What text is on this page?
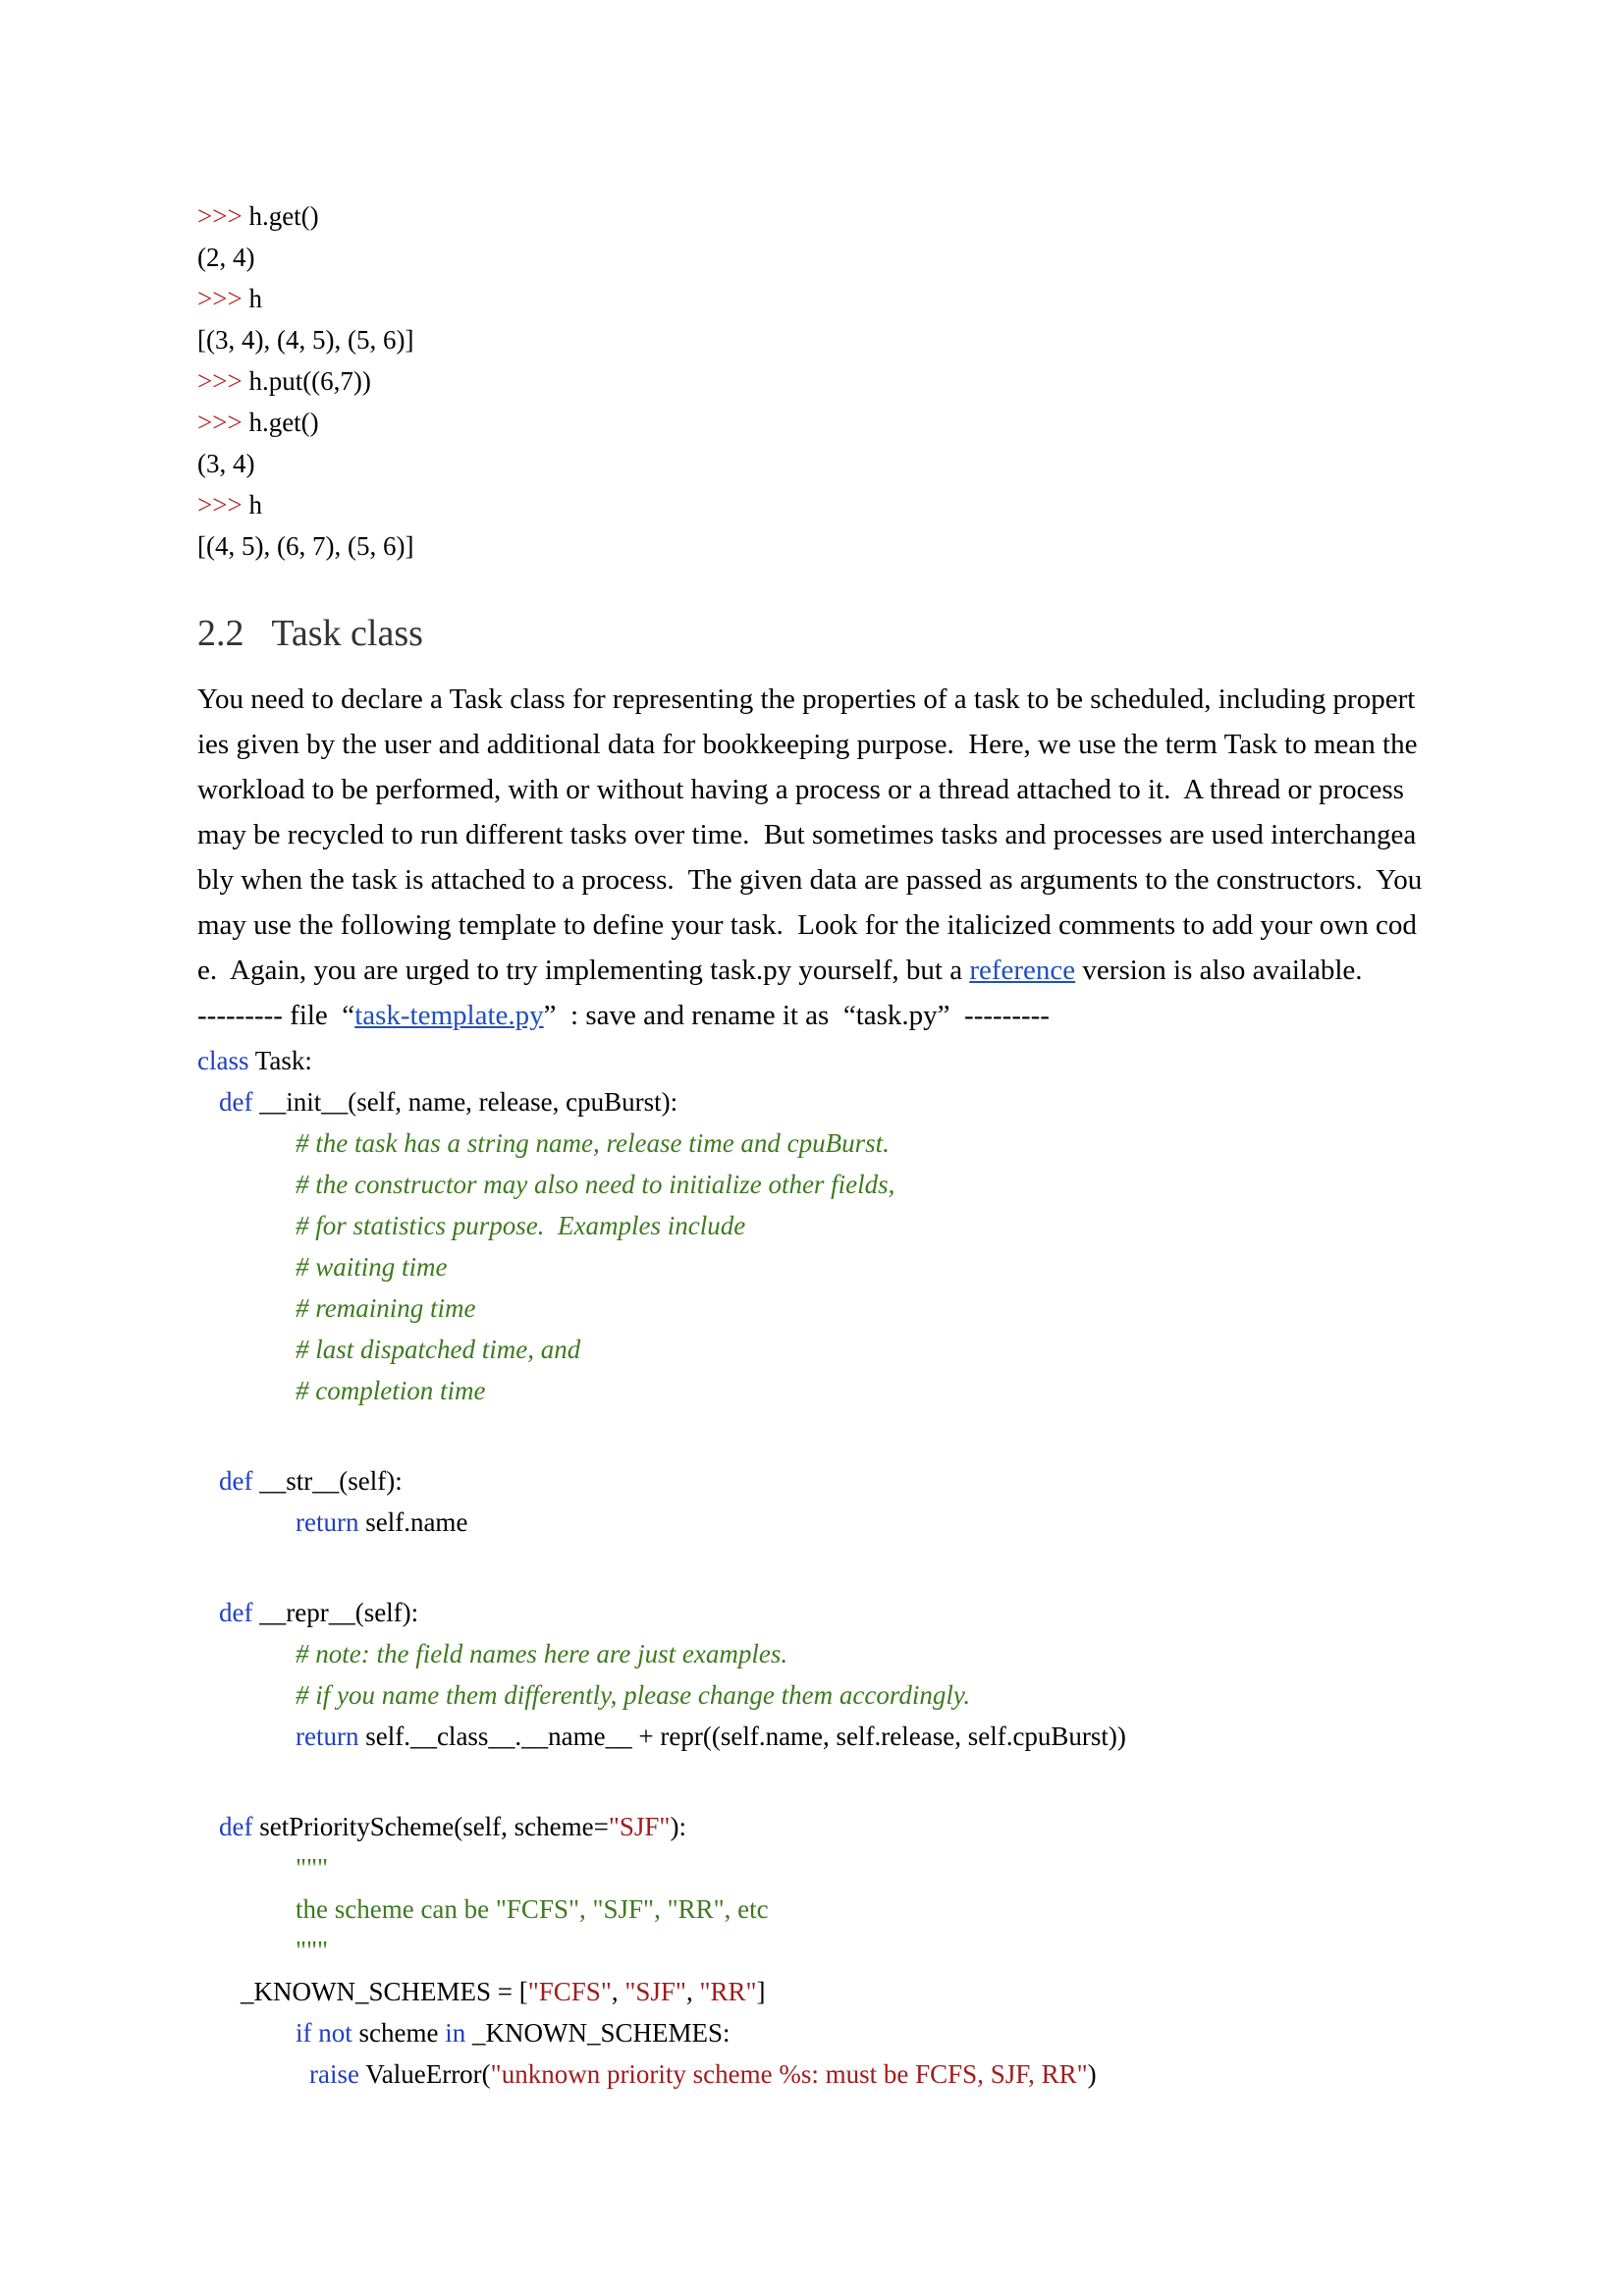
>>> h.get()
(2, 4)
>>> h
[(3, 4), (4, 5), (5, 6)]
>>> h.put((6,7))
>>> h.get()
(3, 4)
>>> h
[(4, 5), (6, 7), (5, 6)]
2.2 Task class
You need to declare a Task class for representing the properties of a task to be scheduled, including propert
ies given by the user and additional data for bookkeeping purpose.  Here, we use the term Task to mean the
workload to be performed, with or without having a process or a thread attached to it.  A thread or process
may be recycled to run different tasks over time.  But sometimes tasks and processes are used interchangea
bly when the task is attached to a process.  The given data are passed as arguments to the constructors.  You
may use the following template to define your task.  Look for the italicized comments to add your own cod
e.  Again, you are urged to try implementing task.py yourself, but a reference version is also available.
--------- file  “task-template.py”  : save and rename it as  “task.py”  ---------
class Task:
def __init__(self, name, release, cpuBurst):
# the task has a string name, release time and cpuBurst.
# the constructor may also need to initialize other fields,
# for statistics purpose.  Examples include
# waiting time
# remaining time
# last dispatched time, and
# completion time
def __str__(self):
return self.name
def __repr__(self):
# note: the field names here are just examples.
# if you name them differently, please change them accordingly.
return self.__class__.__name__ + repr((self.name, self.release, self.cpuBurst))
def setPriorityScheme(self, scheme="SJF"):
"""
the scheme can be "FCFS", "SJF", "RR", etc
"""
_KNOWN_SCHEMES = ["FCFS", "SJF", "RR"]
if not scheme in _KNOWN_SCHEMES:
raise ValueError("unknown priority scheme %s: must be FCFS, SJF, RR")
